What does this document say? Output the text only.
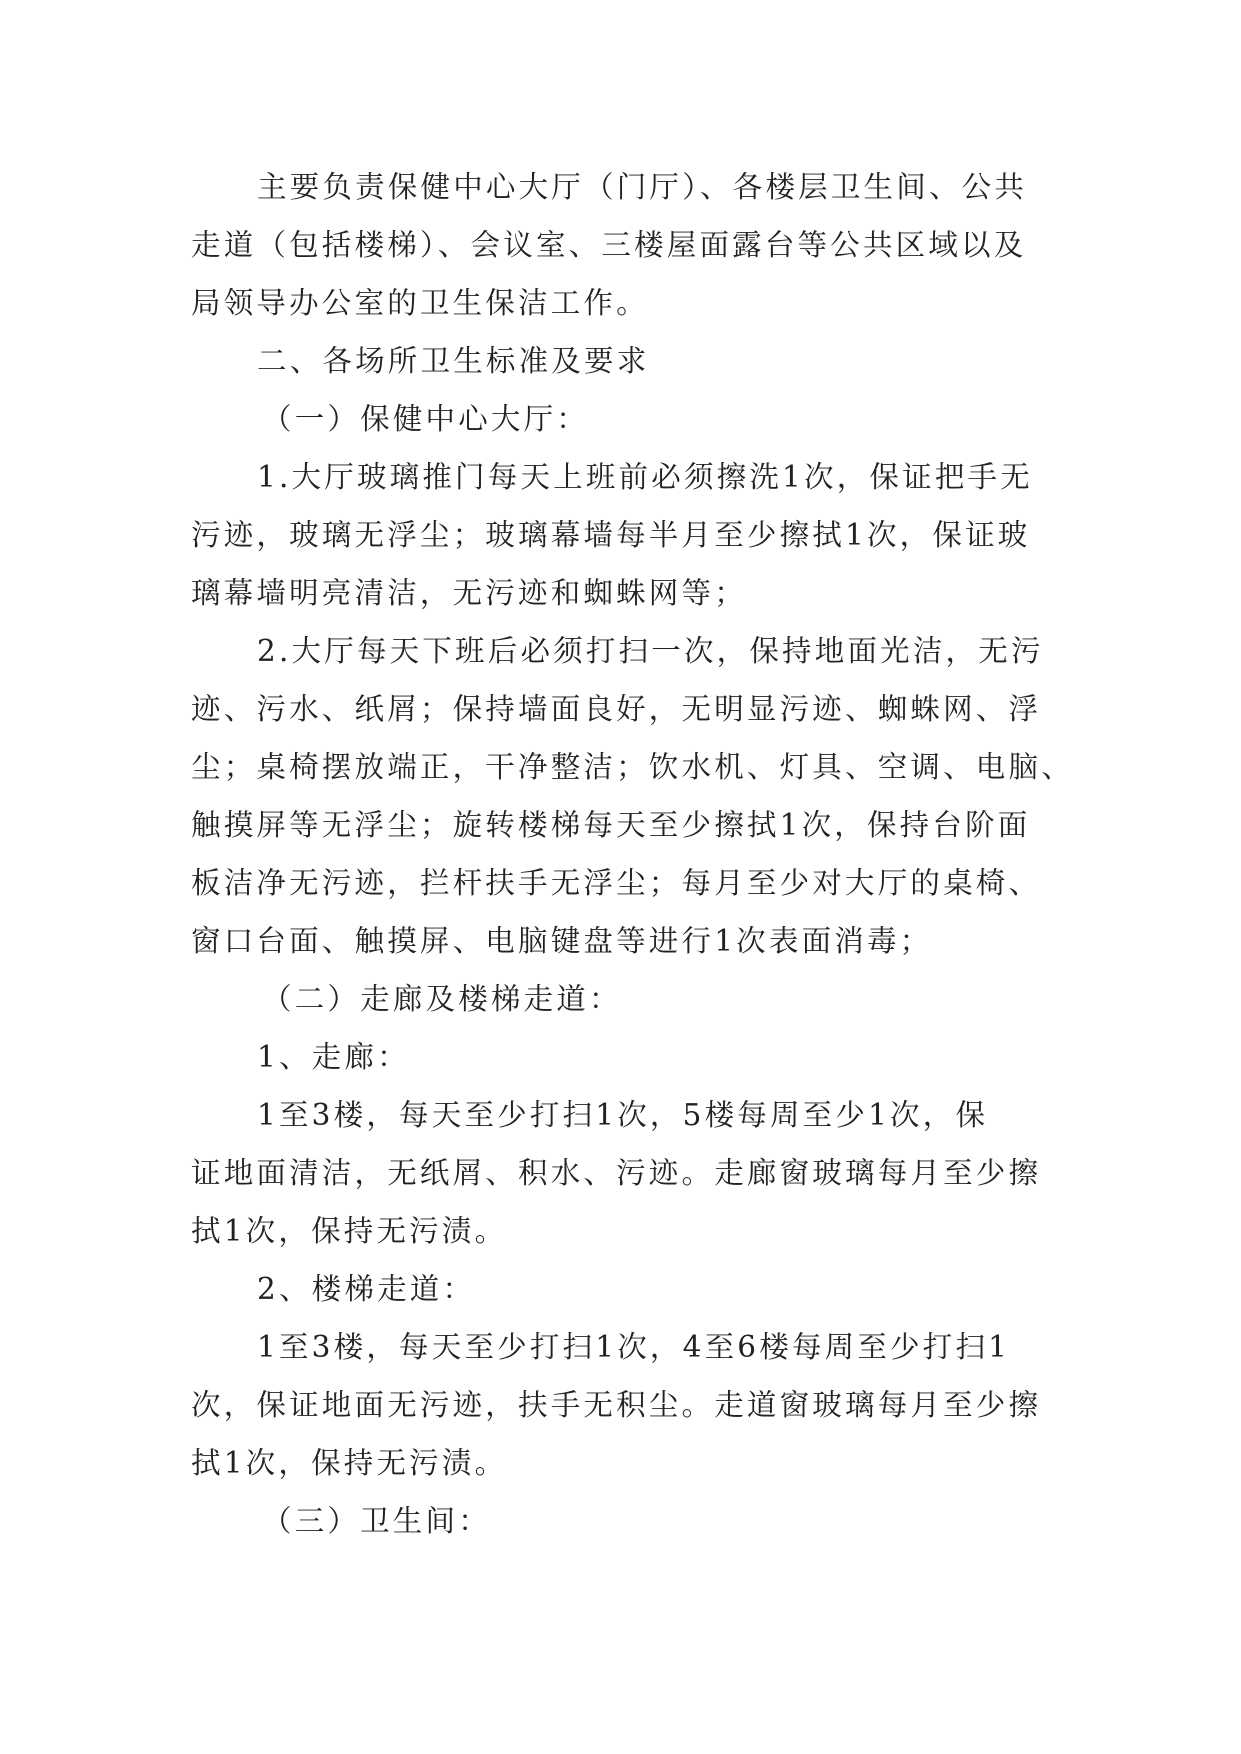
主要负责保健中心大厅（门厅）、各楼层卫生间、公共
走道（包括楼梯）、会议室、三楼屋面露台等公共区域以及
局领导办公室的卫生保洁工作。
二、各场所卫生标准及要求
（一）保健中心大厅：
1.大厅玻璃推门每天上班前必须擦洗1次，保证把手无
污迹，玻璃无浮尘；玻璃幕墙每半月至少擦拭1次，保证玻
璃幕墙明亮清洁，无污迹和蜘蛛网等；
2.大厅每天下班后必须打扫一次，保持地面光洁，无污
迹、污水、纸屑；保持墙面良好，无明显污迹、蜘蛛网、浮
尘；桌椅摆放端正，干净整洁；饮水机、灯具、空调、电脑、
触摸屏等无浮尘；旋转楼梯每天至少擦拭1次，保持台阶面
板洁净无污迹，拦杆扶手无浮尘；每月至少对大厅的桌椅、
窗口台面、触摸屏、电脑键盘等进行1次表面消毒；
（二）走廊及楼梯走道：
1、走廊：
1至3楼，每天至少打扫1次，5楼每周至少1次，保
证地面清洁，无纸屑、积水、污迹。走廊窗玻璃每月至少擦
拭1次，保持无污渍。
2、楼梯走道：
1至3楼，每天至少打扫1次，4至6楼每周至少打扫1
次，保证地面无污迹，扶手无积尘。走道窗玻璃每月至少擦
拭1次，保持无污渍。
（三）卫生间：
